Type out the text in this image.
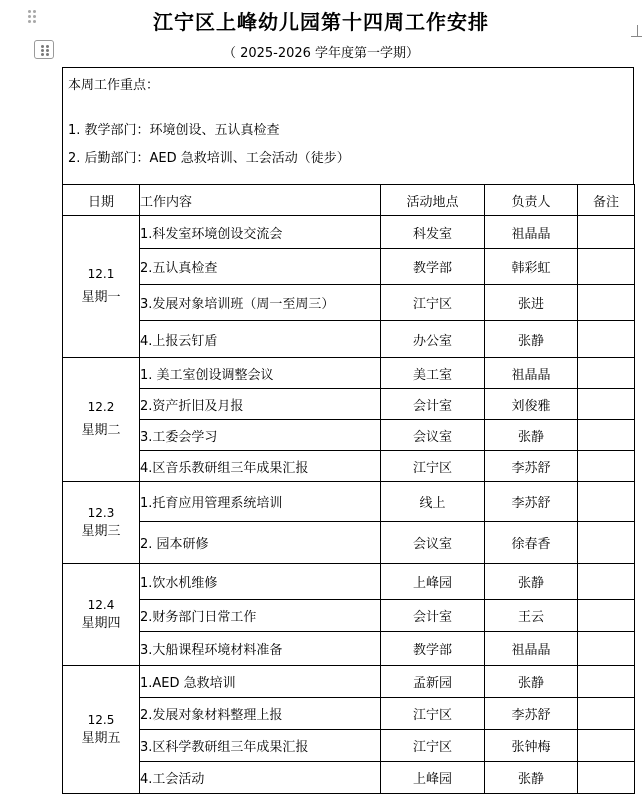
江宁区上峰幼儿园第十四周工作安排
（ 2025-2026 学年度第一学期）
本周工作重点：
1. 教学部门：环境创设、五认真检查
2. 后勤部门：AED 急救培训、工会活动（徒步）
日期	工作内容	活动地点	负责人	备注

12.1
星期一	1.科发室环境创设交流会	科发室	祖晶晶	
	2.五认真检查	教学部	韩彩虹	
	3.发展对象培训班（周一至周三）	江宁区	张进	
	4.上报云钉盾	办公室	张静	

12.2
星期二	1. 美工室创设调整会议	美工室	祖晶晶	
	2.资产折旧及月报	会计室	刘俊雅	
	3.工委会学习	会议室	张静	
	4.区音乐教研组三年成果汇报	江宁区	李苏舒	

12.3
星期三	1.托育应用管理系统培训	线上	李苏舒	
	2. 园本研修	会议室	徐春香	

12.4
星期四	1.饮水机维修	上峰园	张静	
	2.财务部门日常工作	会计室	王云	
	3.大船课程环境材料准备	教学部	祖晶晶	

12.5
星期五	1.AED 急救培训	孟新园	张静	
	2.发展对象材料整理上报	江宁区	李苏舒	
	3.区科学教研组三年成果汇报	江宁区	张钟梅	
	4.工会活动	上峰园	张静	
